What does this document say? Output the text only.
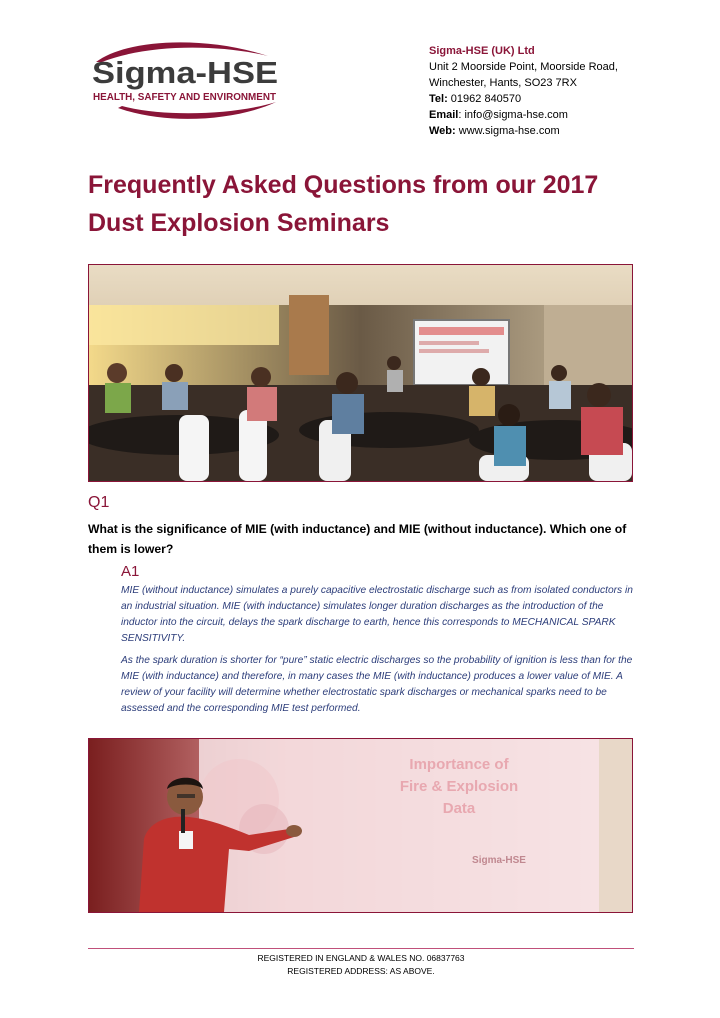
Sigma-HSE
HEALTH, SAFETY AND ENVIRONMENT
Sigma-HSE (UK) Ltd
Unit 2 Moorside Point, Moorside Road,
Winchester, Hants, SO23 7RX
Tel: 01962 840570
Email: info@sigma-hse.com
Web: www.sigma-hse.com
Frequently Asked Questions from our 2017
Dust Explosion Seminars
Q1
What is the significance of MIE (with inductance) and MIE (without inductance). Which one of them is lower?
A1

MIE (without inductance) simulates a purely capacitive electrostatic discharge such as from isolated conductors in an industrial situation. MIE (with inductance) simulates longer duration discharges as the introduction of the inductor into the circuit, delays the spark discharge to earth, hence this corresponds to MECHANICAL SPARK SENSITIVITY.

As the spark duration is shorter for “pure” static electric discharges so the probability of ignition is less than for the MIE (with inductance) and therefore, in many cases the MIE (with inductance) produces a lower value of MIE. A review of your facility will determine whether electrostatic spark discharges or mechanical sparks need to be assessed and the corresponding MIE test performed.

Importance of
Fire & Explosion
Data
Sigma-HSE
REGISTERED IN ENGLAND & WALES NO. 06837763
REGISTERED ADDRESS: AS ABOVE.
